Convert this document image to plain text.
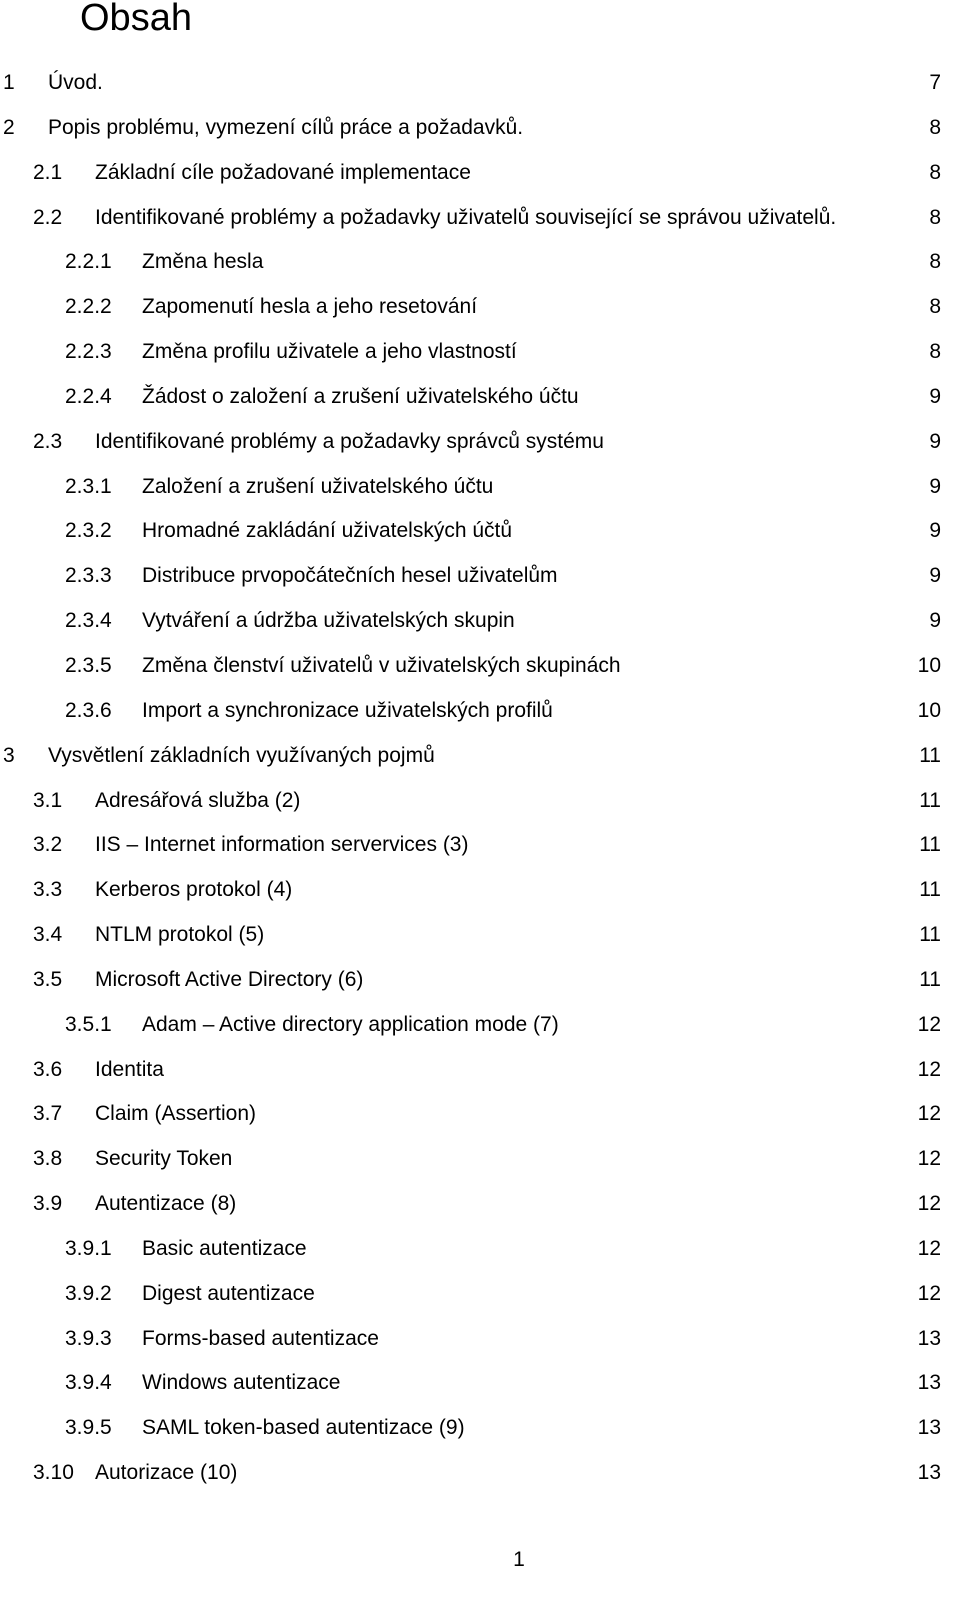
Obsah
1 Úvod.	7
2 Popis problému, vymezení cílů práce a požadavků.	8
2.1 Základní cíle požadované implementace	8
2.2 Identifikované problémy a požadavky uživatelů související se správou uživatelů.	8
2.2.1 Změna hesla	8
2.2.2 Zapomenutí hesla a jeho resetování	8
2.2.3 Změna profilu uživatele a jeho vlastností	8
2.2.4 Žádost o založení a zrušení uživatelského účtu	9
2.3 Identifikované problémy a požadavky správců systému	9
2.3.1 Založení a zrušení uživatelského účtu	9
2.3.2 Hromadné zakládání uživatelských účtů	9
2.3.3 Distribuce prvopočátečních hesel uživatelům	9
2.3.4 Vytváření a údržba uživatelských skupin	9
2.3.5 Změna členství uživatelů v uživatelských skupinách	10
2.3.6 Import a synchronizace uživatelských profilů	10
3 Vysvětlení základních využívaných pojmů	11
3.1 Adresářová služba (2)	11
3.2 IIS – Internet information servervices (3)	11
3.3 Kerberos protokol (4)	11
3.4 NTLM protokol (5)	11
3.5 Microsoft Active Directory (6)	11
3.5.1 Adam – Active directory application mode (7)	12
3.6 Identita	12
3.7 Claim (Assertion)	12
3.8 Security Token	12
3.9 Autentizace (8)	12
3.9.1 Basic autentizace	12
3.9.2 Digest autentizace	12
3.9.3 Forms-based autentizace	13
3.9.4 Windows autentizace	13
3.9.5 SAML token-based autentizace (9)	13
3.10 Autorizace (10)	13
1
